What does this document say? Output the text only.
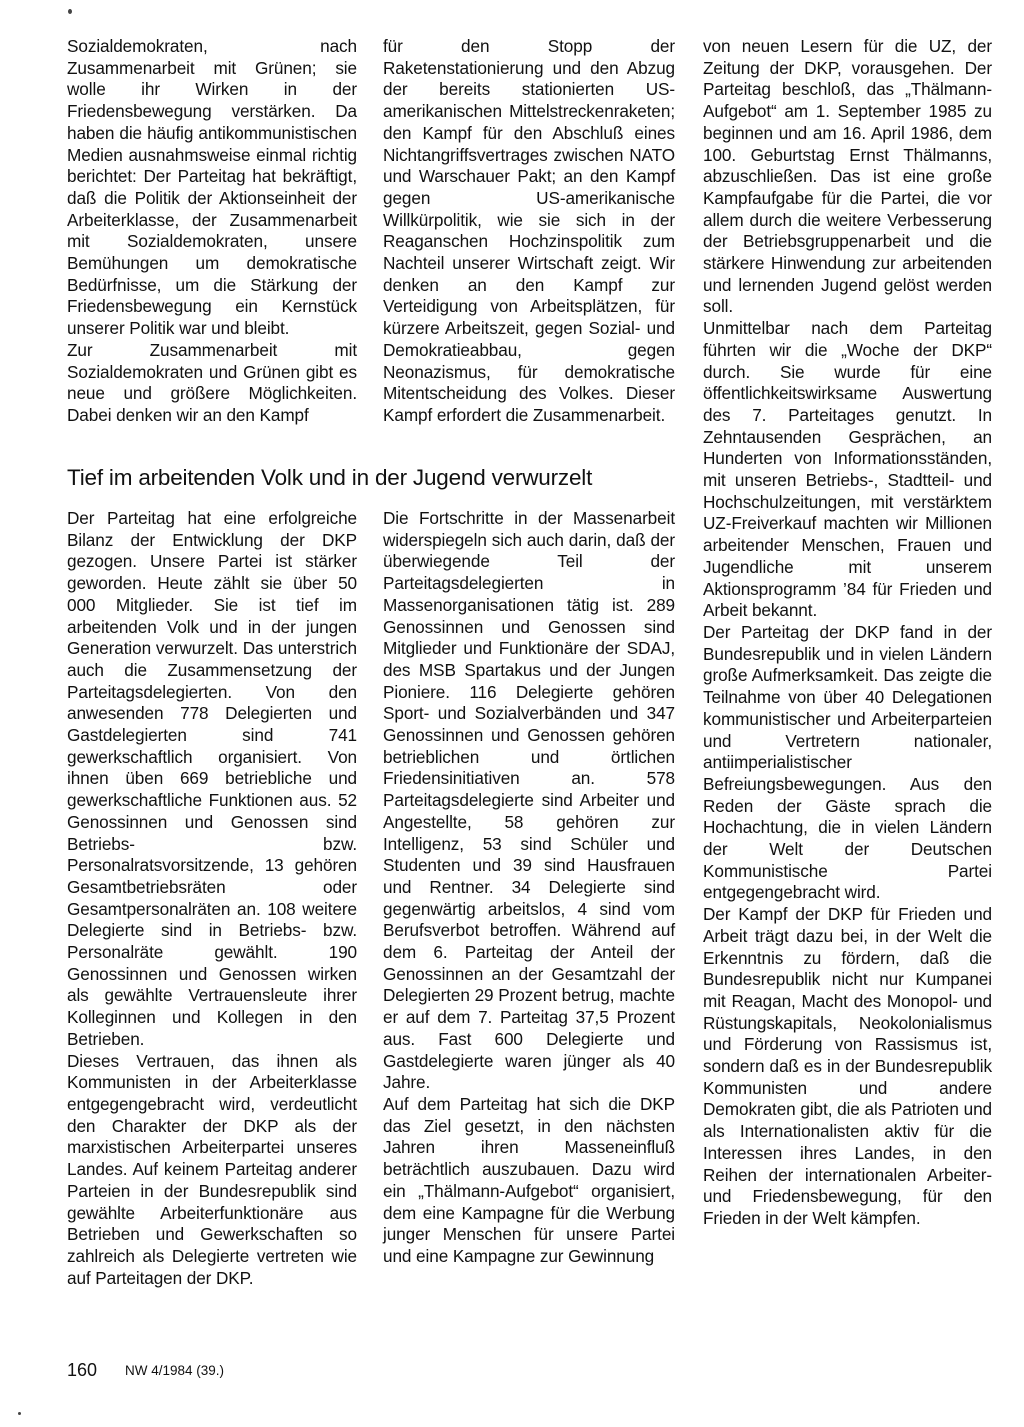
Sozialdemokraten, nach Zusammenarbeit mit Grünen; sie wolle ihr Wirken in der Friedensbewegung verstärken. Da haben die häufig antikommunistischen Medien ausnahmsweise einmal richtig berichtet: Der Parteitag hat bekräftigt, daß die Politik der Aktionseinheit der Arbeiterklasse, der Zusammenarbeit mit Sozialdemokraten, unsere Bemühungen um demokratische Bedürfnisse, um die Stärkung der Friedensbewegung ein Kernstück unserer Politik war und bleibt.

Zur Zusammenarbeit mit Sozialdemokraten und Grünen gibt es neue und größere Möglichkeiten. Dabei denken wir an den Kampf

für den Stopp der Raketenstationierung und den Abzug der bereits stationierten US-amerikanischen Mittelstreckenraketen; den Kampf für den Abschluß eines Nichtangriffsvertrages zwischen NATO und Warschauer Pakt; an den Kampf gegen US-amerikanische Willkürpolitik, wie sie sich in der Reaganschen Hochzinspolitik zum Nachteil unserer Wirtschaft zeigt. Wir denken an den Kampf zur Verteidigung von Arbeitsplätzen, für kürzere Arbeitszeit, gegen Sozial- und Demokratieabbau, gegen Neonazismus, für demokratische Mitentscheidung des Volkes. Dieser Kampf erfordert die Zusammenarbeit.

von neuen Lesern für die UZ, der Zeitung der DKP, vorausgehen. Der Parteitag beschloß, das „Thälmann-Aufgebot“ am 1. September 1985 zu beginnen und am 16. April 1986, dem 100. Geburtstag Ernst Thälmanns, abzuschließen. Das ist eine große Kampfaufgabe für die Partei, die vor allem durch die weitere Verbesserung der Betriebsgruppenarbeit und die stärkere Hinwendung zur arbeitenden und lernenden Jugend gelöst werden soll.

Unmittelbar nach dem Parteitag führten wir die „Woche der DKP“ durch. Sie wurde für eine öffentlichkeitswirksame Auswertung des 7. Parteitages genutzt. In Zehntausenden Gesprächen, an Hunderten von Informationsständen, mit unseren Betriebs-, Stadtteil- und Hochschulzeitungen, mit verstärktem UZ-Freiverkauf machten wir Millionen arbeitender Menschen, Frauen und Jugendliche mit unserem Aktionsprogramm ’84 für Frieden und Arbeit bekannt.

Der Parteitag der DKP fand in der Bundesrepublik und in vielen Ländern große Aufmerksamkeit. Das zeigte die Teilnahme von über 40 Delegationen kommunistischer und Arbeiterparteien und Vertretern nationaler, antiimperialistischer Befreiungsbewegungen. Aus den Reden der Gäste sprach die Hochachtung, die in vielen Ländern der Welt der Deutschen Kommunistische Partei entgegengebracht wird.

Der Kampf der DKP für Frieden und Arbeit trägt dazu bei, in der Welt die Erkenntnis zu fördern, daß die Bundesrepublik nicht nur Kumpanei mit Reagan, Macht des Monopol- und Rüstungskapitals, Neokolonialismus und Förderung von Rassismus ist, sondern daß es in der Bundesrepublik Kommunisten und andere Demokraten gibt, die als Patrioten und als Internationalisten aktiv für die Interessen ihres Landes, in den Reihen der internationalen Arbeiter- und Friedensbewegung, für den Frieden in der Welt kämpfen.

Tief im arbeitenden Volk und in der Jugend verwurzelt

Der Parteitag hat eine erfolgreiche Bilanz der Entwicklung der DKP gezogen. Unsere Partei ist stärker geworden. Heute zählt sie über 50 000 Mitglieder. Sie ist tief im arbeitenden Volk und in der jungen Generation verwurzelt. Das unterstrich auch die Zusammensetzung der Parteitagsdelegierten. Von den anwesenden 778 Delegierten und Gastdelegierten sind 741 gewerkschaftlich organisiert. Von ihnen üben 669 betriebliche und gewerkschaftliche Funktionen aus. 52 Genossinnen und Genossen sind Betriebs- bzw. Personalratsvorsitzende, 13 gehören Gesamtbetriebsräten oder Gesamtpersonalräten an. 108 weitere Delegierte sind in Betriebs- bzw. Personalräte gewählt. 190 Genossinnen und Genossen wirken als gewählte Vertrauensleute ihrer Kolleginnen und Kollegen in den Betrieben.

Dieses Vertrauen, das ihnen als Kommunisten in der Arbeiterklasse entgegengebracht wird, verdeutlicht den Charakter der DKP als der marxistischen Arbeiterpartei unseres Landes. Auf keinem Parteitag anderer Parteien in der Bundesrepublik sind gewählte Arbeiterfunktionäre aus Betrieben und Gewerkschaften so zahlreich als Delegierte vertreten wie auf Parteitagen der DKP.

Die Fortschritte in der Massenarbeit widerspiegeln sich auch darin, daß der überwiegende Teil der Parteitagsdelegierten in Massenorganisationen tätig ist. 289 Genossinnen und Genossen sind Mitglieder und Funktionäre der SDAJ, des MSB Spartakus und der Jungen Pioniere. 116 Delegierte gehören Sport- und Sozialverbänden und 347 Genossinnen und Genossen gehören betrieblichen und örtlichen Friedensinitiativen an. 578 Parteitagsdelegierte sind Arbeiter und Angestellte, 58 gehören zur Intelligenz, 53 sind Schüler und Studenten und 39 sind Hausfrauen und Rentner. 34 Delegierte sind gegenwärtig arbeitslos, 4 sind vom Berufsverbot betroffen. Während auf dem 6. Parteitag der Anteil der Genossinnen an der Gesamtzahl der Delegierten 29 Prozent betrug, machte er auf dem 7. Parteitag 37,5 Prozent aus. Fast 600 Delegierte und Gastdelegierte waren jünger als 40 Jahre.

Auf dem Parteitag hat sich die DKP das Ziel gesetzt, in den nächsten Jahren ihren Masseneinfluß beträchtlich auszubauen. Dazu wird ein „Thälmann-Aufgebot“ organisiert, dem eine Kampagne für die Werbung junger Menschen für unsere Partei und eine Kampagne zur Gewinnung

160 NW 4/1984 (39.)
